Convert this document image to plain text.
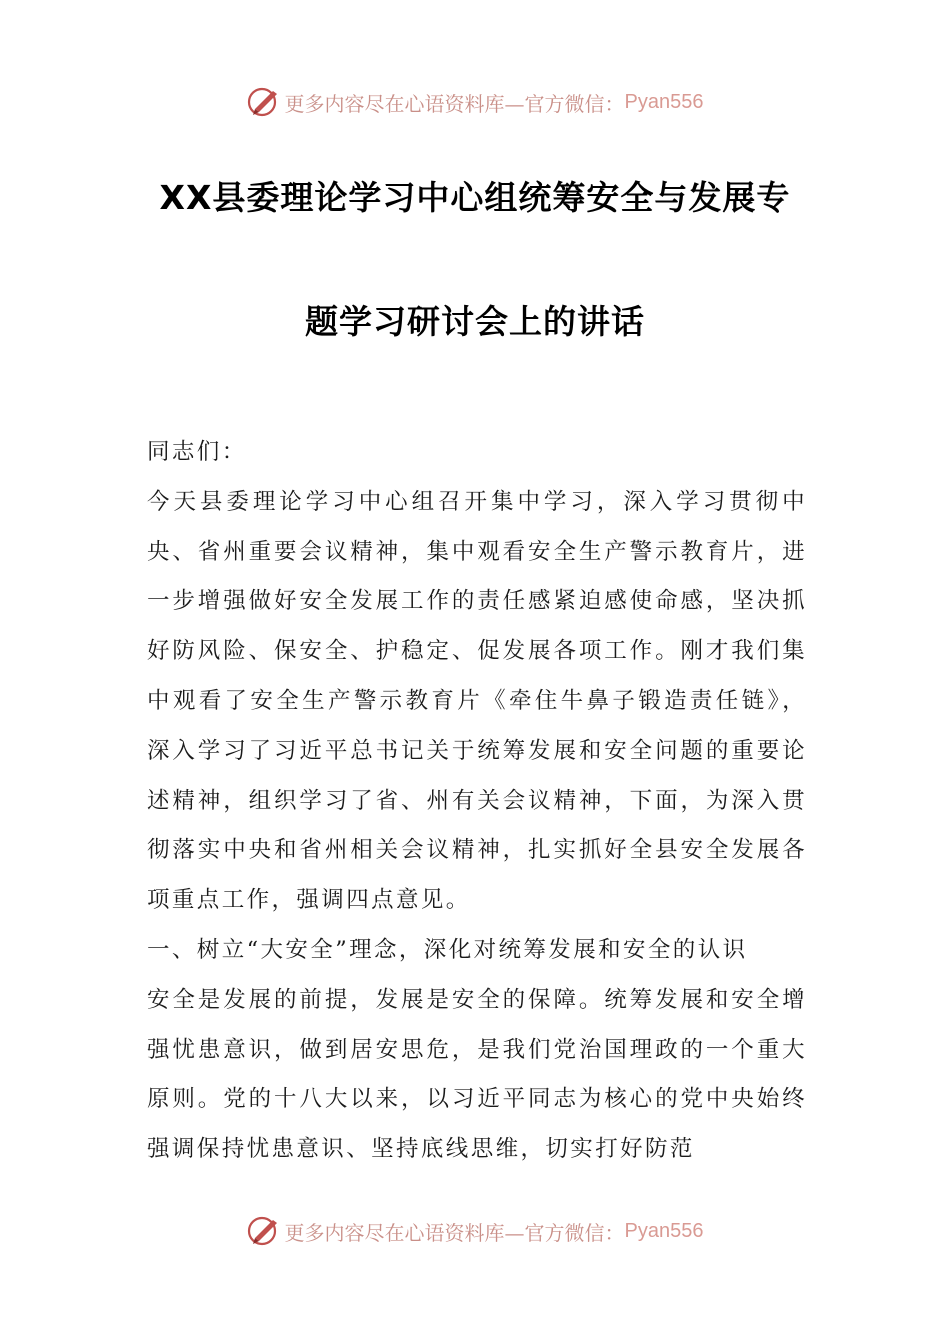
更多内容尽在心语资料库— 官方微信： Pyan556
XX县委理论学习中心组统筹安全与发展专
题学习研讨会上的讲话

同志们：

今天县委理论学习中心组召开集中学习，深入学习贯彻中央、省州重要会议精神，集中观看安全生产警示教育片，进一步增强做好安全发展工作的责任感紧迫感使命感，坚决抓好防风险、保安全、护稳定、促发展各项工作。刚才我们集中观看了安全生产警示教育片《牵住牛鼻子锻造责任链》，深入学习了习近平总书记关于统筹发展和安全问题的重要论述精神，组织学习了省、州有关会议精神，下面，为深入贯彻落实中央和省州相关会议精神，扎实抓好全县安全发展各项重点工作，强调四点意见。

一、树立“大安全”理念，深化对统筹发展和安全的认识

安全是发展的前提，发展是安全的保障。统筹发展和安全增强忧患意识，做到居安思危，是我们党治国理政的一个重大原则。党的十八大以来，以习近平同志为核心的党中央始终强调保持忧患意识、坚持底线思维，切实打好防范

更多内容尽在心语资料库— 官方微信： Pyan556
